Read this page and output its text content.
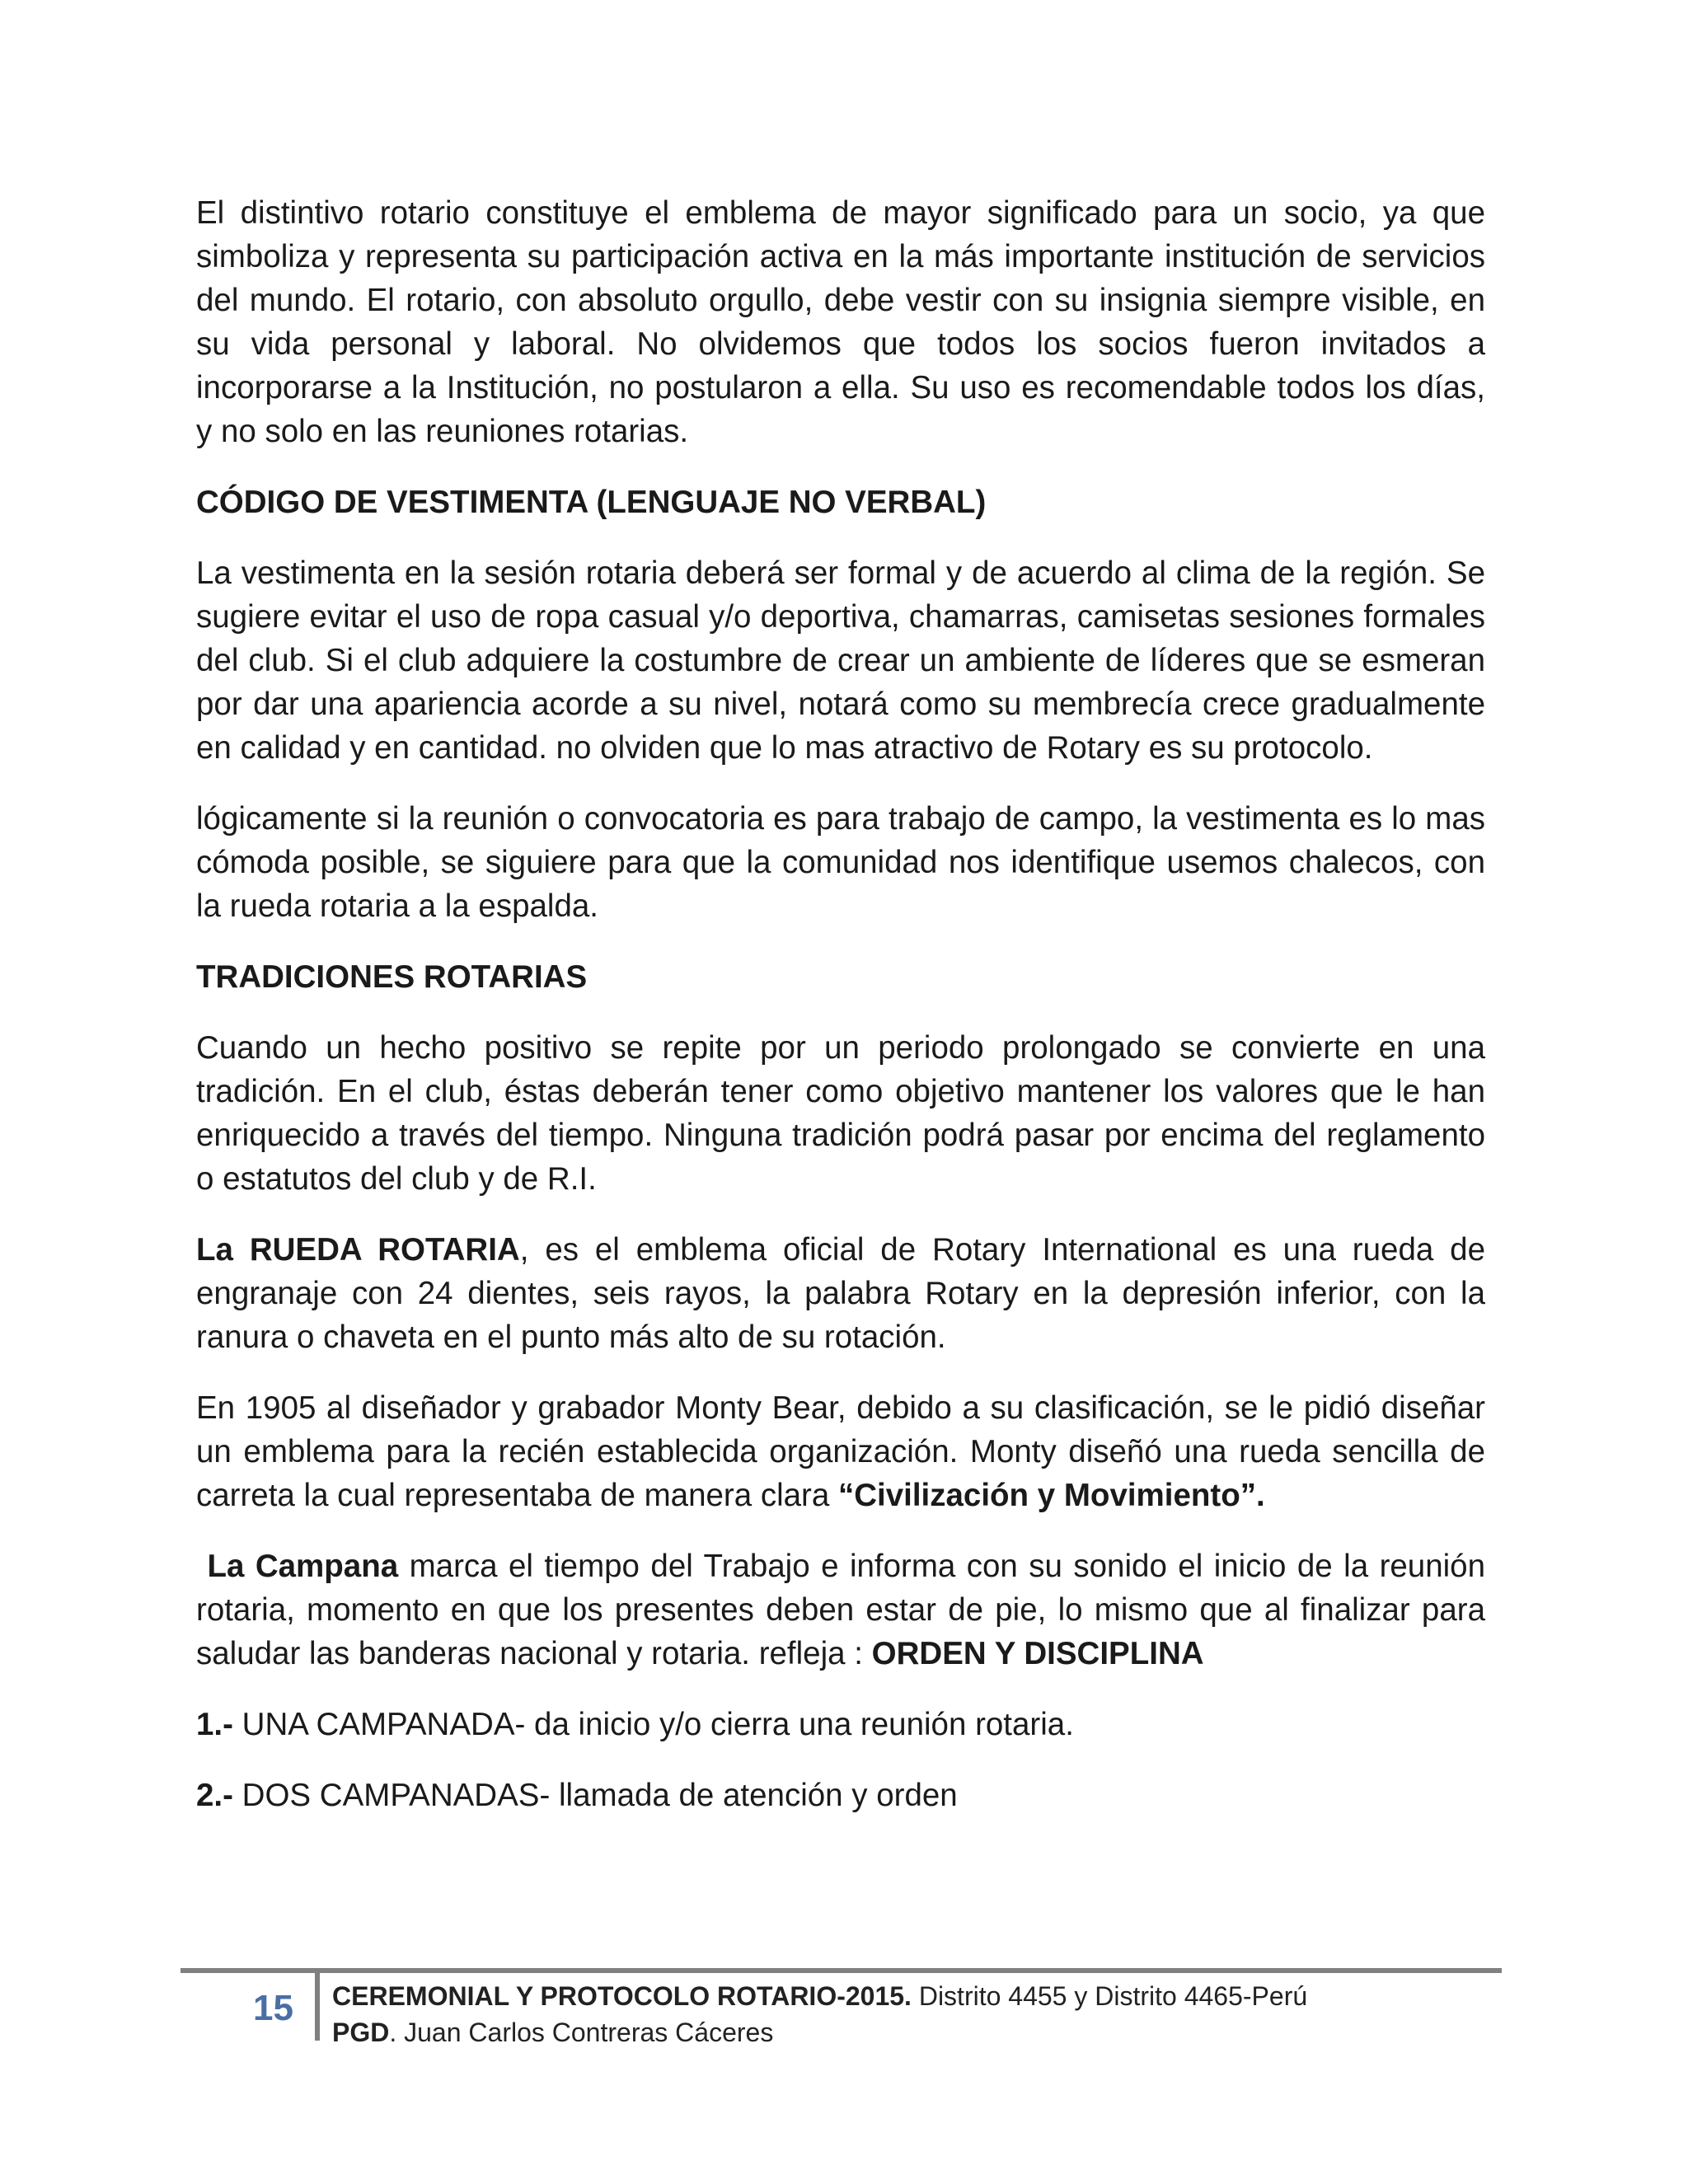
El distintivo rotario constituye el emblema de mayor significado para un socio, ya que simboliza y representa su participación activa en la más importante institución de servicios del mundo. El rotario, con absoluto orgullo, debe vestir con su insignia siempre visible, en su vida personal y laboral. No olvidemos que todos los socios fueron invitados a incorporarse a la Institución, no postularon a ella. Su uso es recomendable todos los días, y no solo en las reuniones rotarias.

CÓDIGO DE VESTIMENTA (LENGUAJE NO VERBAL)

La vestimenta en la sesión rotaria deberá ser formal y de acuerdo al clima de la región. Se sugiere evitar el uso de ropa casual y/o deportiva, chamarras, camisetas sesiones formales del club. Si el club adquiere la costumbre de crear un ambiente de líderes que se esmeran por dar una apariencia acorde a su nivel, notará como su membrecía crece gradualmente en calidad y en cantidad. no olviden que lo mas atractivo de Rotary es su protocolo.

lógicamente si la reunión o convocatoria es para trabajo de campo, la vestimenta es lo mas cómoda posible, se siguiere para que la comunidad nos identifique usemos chalecos, con la rueda rotaria a la espalda.

TRADICIONES ROTARIAS

Cuando un hecho positivo se repite por un periodo prolongado se convierte en una tradición. En el club, éstas deberán tener como objetivo mantener los valores que le han enriquecido a través del tiempo. Ninguna tradición podrá pasar por encima del reglamento o estatutos del club y de R.I.

La RUEDA ROTARIA, es el emblema oficial de Rotary International es una rueda de engranaje con 24 dientes, seis rayos, la palabra Rotary en la depresión inferior, con la ranura o chaveta en el punto más alto de su rotación.

En 1905 al diseñador y grabador Monty Bear, debido a su clasificación, se le pidió diseñar un emblema para la recién establecida organización. Monty diseñó una rueda sencilla de carreta la cual representaba de manera clara “Civilización y Movimiento”.

La Campana marca el tiempo del Trabajo e informa con su sonido el inicio de la reunión rotaria, momento en que los presentes deben estar de pie, lo mismo que al finalizar para saludar las banderas nacional y rotaria. refleja : ORDEN Y DISCIPLINA

1.- UNA CAMPANADA- da inicio y/o cierra una reunión rotaria.

2.- DOS CAMPANADAS- llamada de atención y orden

15	CEREMONIAL Y PROTOCOLO ROTARIO-2015. Distrito 4455 y Distrito 4465-Perú
PGD. Juan Carlos Contreras Cáceres
